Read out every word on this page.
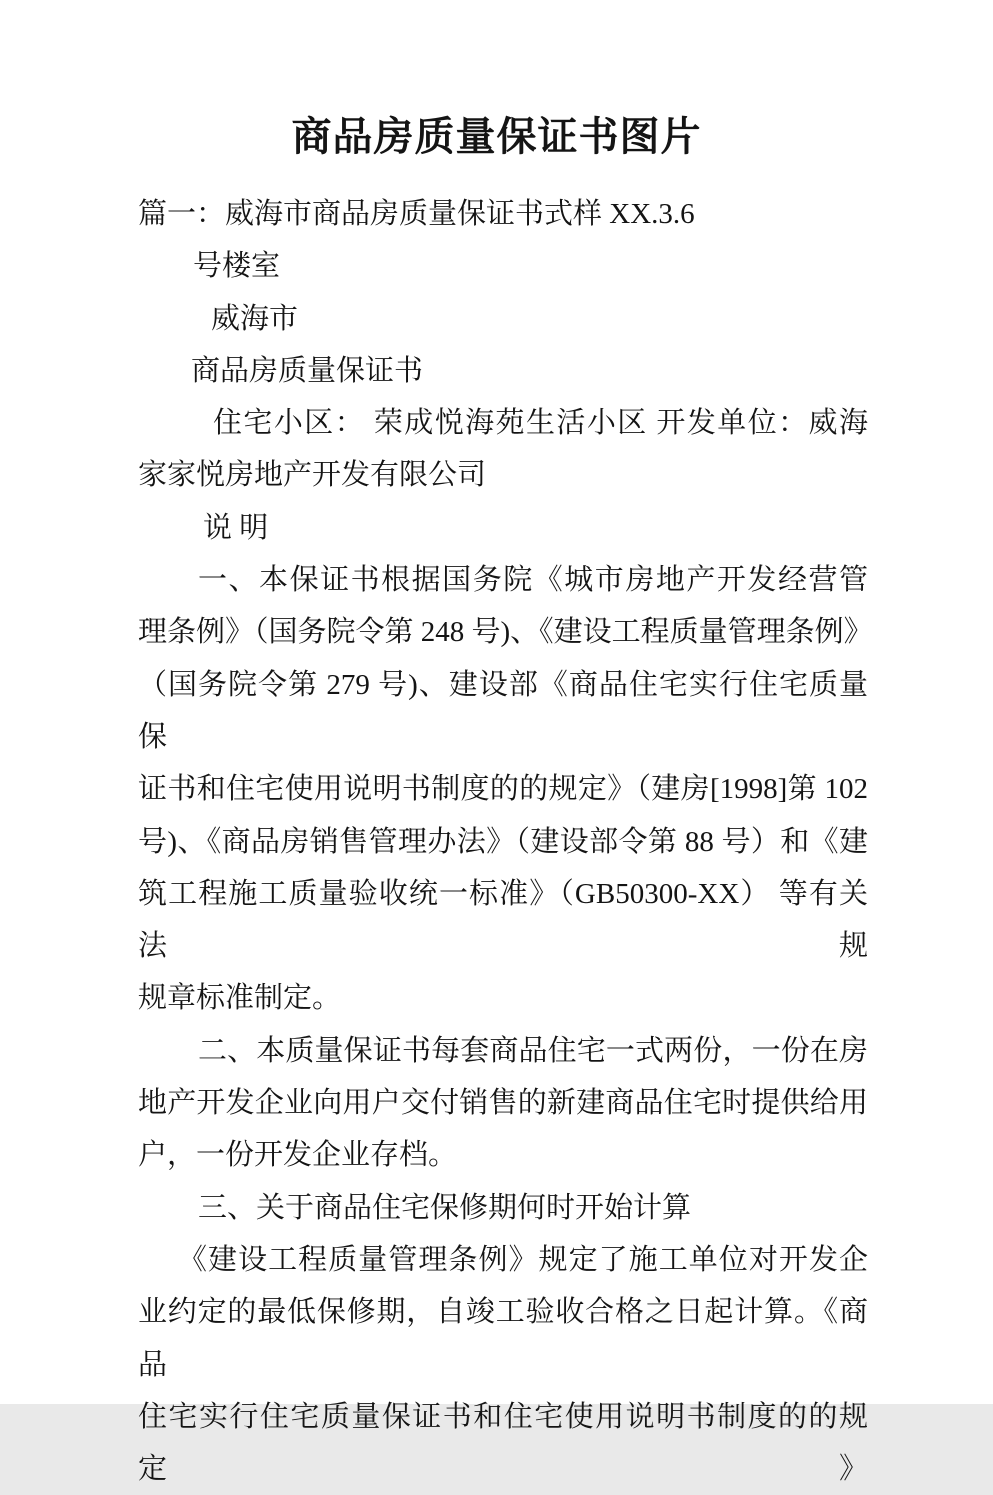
商品房质量保证书图片
篇一：威海市商品房质量保证书式样 XX.3.6
号楼室
威海市
商品房质量保证书
住宅小区： 荣成悦海苑生活小区 开发单位：威海
家家悦房地产开发有限公司
说 明
一、本保证书根据国务院《城市房地产开发经营管
理条例》（国务院令第 248 号)、《建设工程质量管理条例》
（国务院令第 279 号)、建设部《商品住宅实行住宅质量保
证书和住宅使用说明书制度的的规定》（建房[1998]第 102
号)、《商品房销售管理办法》（建设部令第 88 号）和《建
筑工程施工质量验收统一标准》（GB50300-XX） 等有关法规
规章标准制定。
二、本质量保证书每套商品住宅一式两份，一份在房
地产开发企业向用户交付销售的新建商品住宅时提供给用
户，一份开发企业存档。
三、关于商品住宅保修期何时开始计算
《建设工程质量管理条例》规定了施工单位对开发企
业约定的最低保修期，自竣工验收合格之日起计算。《商品
住宅实行住宅质量保证书和住宅使用说明书制度的的规定》
